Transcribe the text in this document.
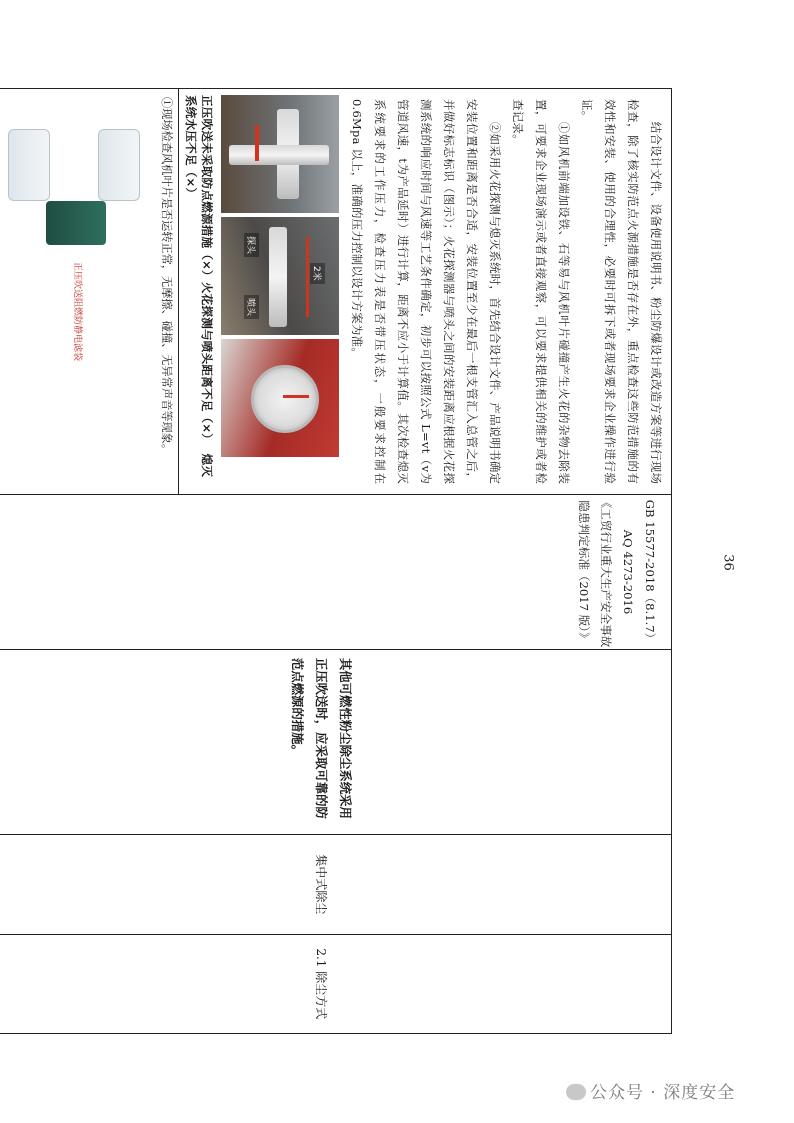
结合设计文件、设备使用说明书、粉尘防爆设计或改造方案等进行现场检查，除了核实防范点火源措施是否存在外，重点检查这些防范措施的有效性和安装、使用的合理性，必要时可拆下或者现场要求企业操作进行验证。

①如风机前端加设铁、石等易与风机叶片碰撞产生火花的杂物去除装置，可要求企业现场演示或者直接观察，可以要求提供相关的维护或者检查记录。

②如采用火花探测与熄灭系统时，首先结合设计文件、产品说明书确定安装位置和距离是否合适，安装位置至少在最后一根支管汇入总管之后，并做好标志标识（图示）；火花探测器与喷头之间的安装距离应根据火花探测系统的响应时间与风速等工艺条件确定，初步可以按照公式 L=vt（v为管道风速，t为产品延时）进行计算，距离不应小于计算值。其次检查熄灭系统要求的工作压力，检查压力表是否带压状态，一般要求控制在 0.6Mpa 以上，准确的压力控制以设计方案为准。

2米
探头
喷头
正压吹送未采取防点燃源措施（×）火花探测与喷头距离不足（×）  熄灭系统水压不足（×）

GB 15577-2018（8.1.7）
AQ 4273-2016
《工贸行业重大生产安全事故隐患判定标准（2017 版）》

其他可燃性粉尘除尘系统采用正压吹送时，应采取可靠的防范点燃源的措施。

集中式除尘

2.1 除尘方式

①现场检查风机叶片是否运转正常，无摩擦、碰撞、无异常声音等现象。
正压吹送阻燃防静电滤袋
36
公众号 · 深度安全
